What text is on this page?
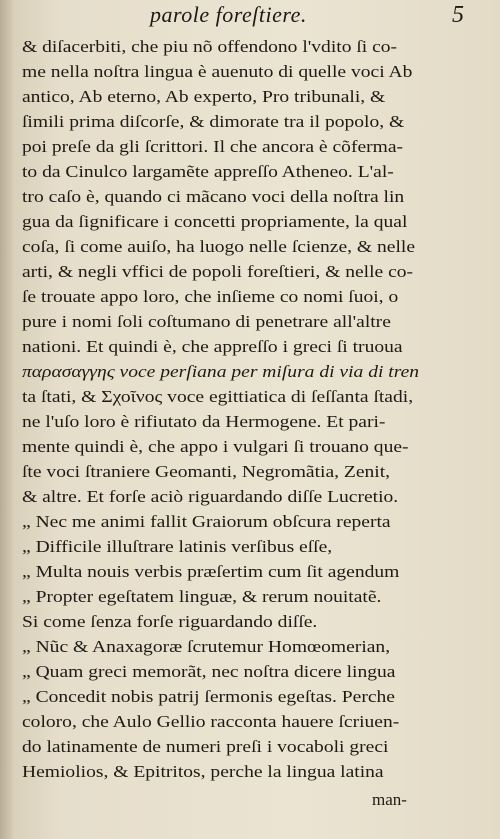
parole foreſtiere.	5
& diſacerbiti, che piu nõ offendono l'vdito ſi co-
me nella noſtra lingua è auenuto di quelle voci Ab
antico, Ab eterno, Ab experto, Pro tribunali, &
ſimili prima diſcorſe, & dimorate tra il popolo, &
poi preſe da gli ſcrittori. Il che ancora è cõferma-
to da Cinulco largamẽte appreſſo Atheneo. L'al-
tro caſo è, quando ci mãcano voci della noſtra lin
gua da ſignificare i concetti propriamente, la qual
coſa, ſi come auiſo, ha luogo nelle ſcienze, & nelle
arti, & negli vffici de popoli foreſtieri, & nelle co-
ſe trouate appo loro, che inſieme co nomi ſuoi, o
pure i nomi ſoli coſtumano di penetrare all'altre
nationi. Et quindi è, che appreſſo i greci ſi truoua
παρασαγγης voce perſiana per miſura di via di tren
ta ſtati, & Σχοῖνος voce egittiatica di ſeſſanta ſtadi,
ne l'uſo loro è rifiutato da Hermogene. Et pari-
mente quindi è, che appo i vulgari ſi trouano que-
ſte voci ſtraniere Geomanti, Negromãtia, Zenit,
& altre. Et forſe aciò riguardando diſſe Lucretio.
„ Nec me animi fallit Graiorum obſcura reperta
„ Difficile illuſtrare latinis verſibus eſſe,
„ Multa nouis verbis præſertim cum ſit agendum
„ Propter egeſtatem linguæ, & rerum nouitatẽ.
Si come ſenza forſe riguardando diſſe.
„ Nũc & Anaxagoræ ſcrutemur Homœomerian,
„ Quam greci memorãt, nec noſtra dicere lingua
„ Concedit nobis patrij ſermonis egeſtas. Perche
coloro, che Aulo Gellio racconta hauere ſcriuen-
do latinamente de numeri preſi i vocaboli greci
Hemiolios, & Epitritos, perche la lingua latina
man-
